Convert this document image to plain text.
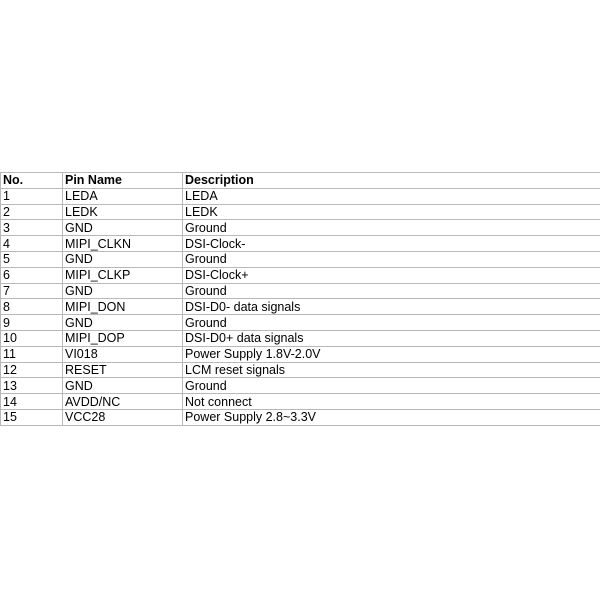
No.	Pin Name	Description
1	LEDA	LEDA
2	LEDK	LEDK
3	GND	Ground
4	MIPI_CLKN	DSI-Clock-
5	GND	Ground
6	MIPI_CLKP	DSI-Clock+
7	GND	Ground
8	MIPI_DON	DSI-D0- data signals
9	GND	Ground
10	MIPI_DOP	DSI-D0+ data signals
11	VI018	Power Supply 1.8V-2.0V
12	RESET	LCM reset signals
13	GND	Ground
14	AVDD/NC	Not connect
15	VCC28	Power Supply 2.8~3.3V
